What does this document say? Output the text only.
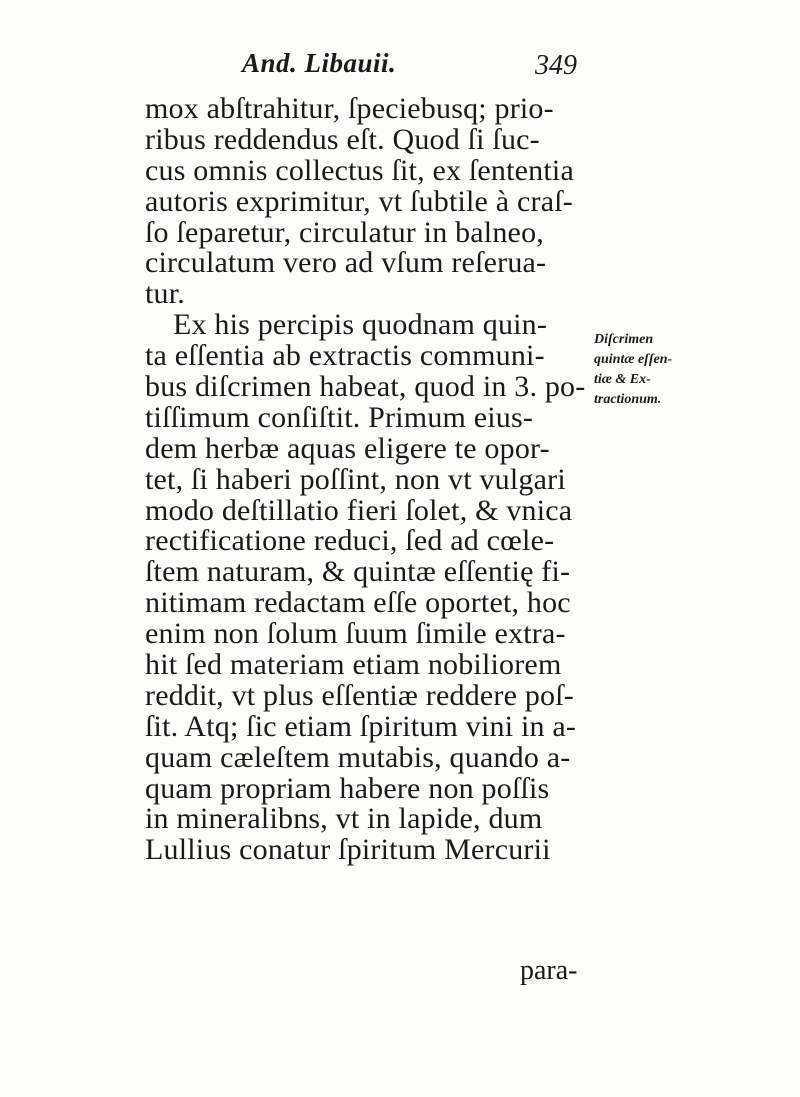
And. Libauii.	349
mox abſtrahitur, ſpeciebusq; prio-
ribus reddendus eſt. Quod ſi ſuc-
cus omnis collectus ſit, ex ſententia
autoris exprimitur, vt ſubtile à craſ-
ſo ſeparetur, circulatur in balneo,
circulatum vero ad vſum reſerua-
tur.
Ex his percipis quodnam quin-
ta eſſentia ab extractis communi-
bus diſcrimen habeat, quod in 3. po-
tiſſimum conſiſtit. Primum eius-
dem herbæ aquas eligere te opor-
tet, ſi haberi poſſint, non vt vulgari
modo deſtillatio fieri ſolet, & vnica
rectificatione reduci, ſed ad cœle-
ſtem naturam, & quintæ eſſentię fi-
nitimam redactam eſſe oportet, hoc
enim non ſolum ſuum ſimile extra-
hit ſed materiam etiam nobiliorem
reddit, vt plus eſſentiæ reddere poſ-
ſit. Atq; ſic etiam ſpiritum vini in a-
quam cæleſtem mutabis, quando a-
quam propriam habere non poſſis
in mineralibns, vt in lapide, dum
Lullius conatur ſpiritum Mercurii
para-
Diſcrimen
quintæ eſſen-
tiæ & Ex-
tractionum.
